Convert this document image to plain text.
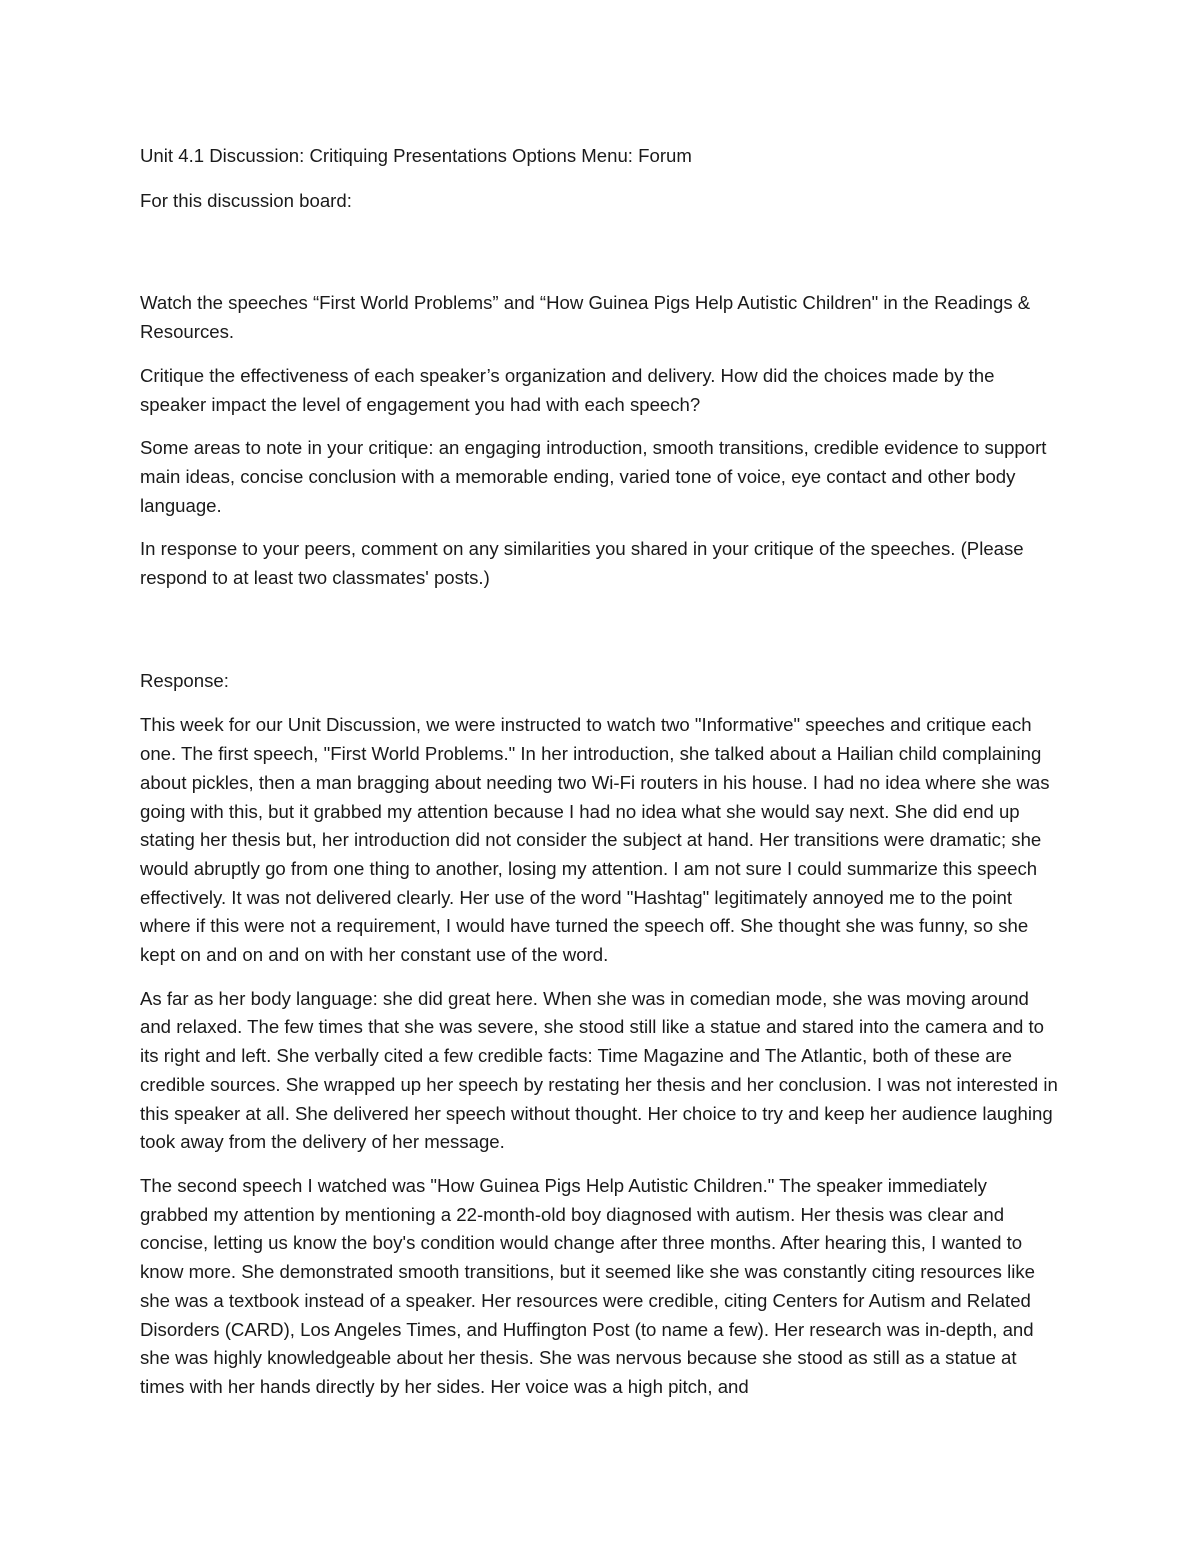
Unit 4.1 Discussion: Critiquing Presentations Options Menu: Forum

For this discussion board:

Watch the speeches “First World Problems” and “How Guinea Pigs Help Autistic Children" in the Readings & Resources.

Critique the effectiveness of each speaker’s organization and delivery. How did the choices made by the speaker impact the level of engagement you had with each speech?

Some areas to note in your critique: an engaging introduction, smooth transitions, credible evidence to support main ideas, concise conclusion with a memorable ending, varied tone of voice, eye contact and other body language.

In response to your peers, comment on any similarities you shared in your critique of the speeches. (Please respond to at least two classmates' posts.)

Response:

This week for our Unit Discussion, we were instructed to watch two "Informative" speeches and critique each one. The first speech, "First World Problems." In her introduction, she talked about a Hailian child complaining about pickles, then a man bragging about needing two Wi-Fi routers in his house. I had no idea where she was going with this, but it grabbed my attention because I had no idea what she would say next. She did end up stating her thesis but, her introduction did not consider the subject at hand. Her transitions were dramatic; she would abruptly go from one thing to another, losing my attention. I am not sure I could summarize this speech effectively. It was not delivered clearly. Her use of the word "Hashtag" legitimately annoyed me to the point where if this were not a requirement, I would have turned the speech off. She thought she was funny, so she kept on and on and on with her constant use of the word.

As far as her body language: she did great here. When she was in comedian mode, she was moving around and relaxed. The few times that she was severe, she stood still like a statue and stared into the camera and to its right and left. She verbally cited a few credible facts: Time Magazine and The Atlantic, both of these are credible sources. She wrapped up her speech by restating her thesis and her conclusion. I was not interested in this speaker at all. She delivered her speech without thought. Her choice to try and keep her audience laughing took away from the delivery of her message.

The second speech I watched was "How Guinea Pigs Help Autistic Children." The speaker immediately grabbed my attention by mentioning a 22-month-old boy diagnosed with autism. Her thesis was clear and concise, letting us know the boy's condition would change after three months. After hearing this, I wanted to know more. She demonstrated smooth transitions, but it seemed like she was constantly citing resources like she was a textbook instead of a speaker. Her resources were credible, citing Centers for Autism and Related Disorders (CARD), Los Angeles Times, and Huffington Post (to name a few). Her research was in-depth, and she was highly knowledgeable about her thesis. She was nervous because she stood as still as a statue at times with her hands directly by her sides. Her voice was a high pitch, and
